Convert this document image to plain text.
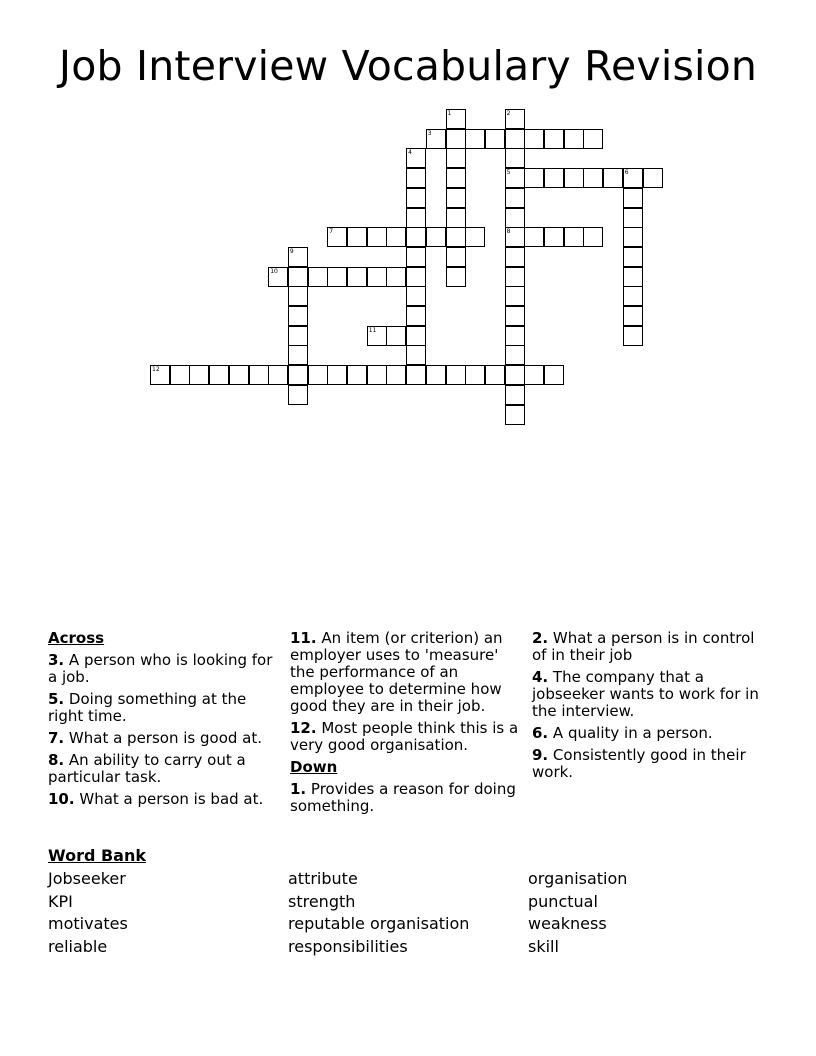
Job Interview Vocabulary Revision
1	2
5
8
3
4
6
7
9
10
11
12
Across
3. A person who is looking for a job.
5. Doing something at the right time.
7. What a person is good at.
8. An ability to carry out a particular task.
10. What a person is bad at.
11. An item (or criterion) an employer uses to 'measure' the performance of an employee to determine how good they are in their job.
12. Most people think this is a very good organisation.
Down
1. Provides a reason for doing something.
2. What a person is in control of in their job
4. The company that a jobseeker wants to work for in the interview.
6. A quality in a person.
9. Consistently good in their work.
Word Bank
Jobseeker
KPI
motivates
reliable
attribute
strength
reputable organisation
responsibilities
organisation
punctual
weakness
skill
